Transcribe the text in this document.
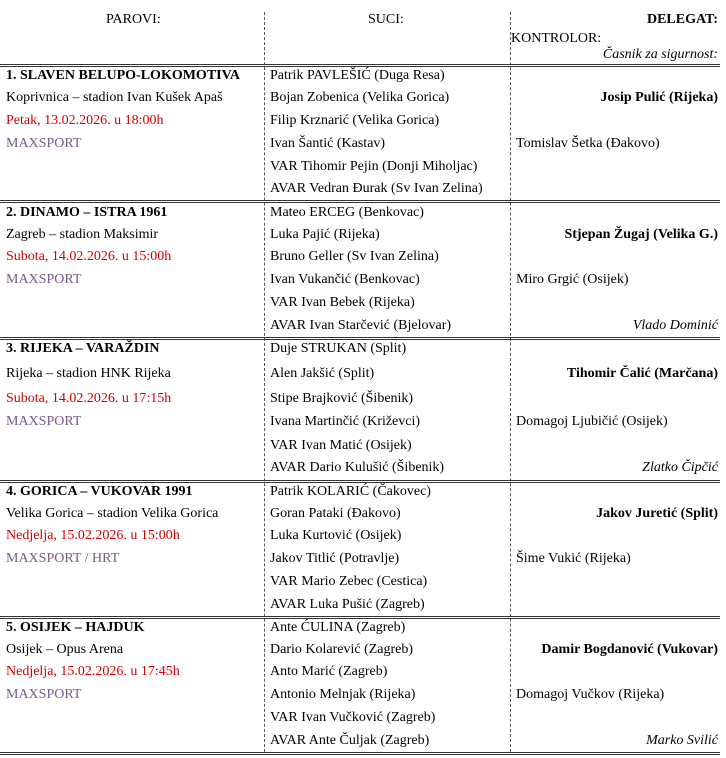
PAROVI:	SUCI:	DELEGAT:
KONTROLOR:
Časnik za sigurnost:
1. SLAVEN BELUPO-LOKOMOTIVA
Koprivnica – stadion Ivan Kušek Apaš
Petak, 13.02.2026. u 18:00h
MAXSPORT
Patrik PAVLEŠIĆ (Duga Resa)
Bojan Zobenica (Velika Gorica)
Filip Krznarić (Velika Gorica)
Ivan Šantić (Kastav)
VAR Tihomir Pejin (Donji Miholjac)
AVAR Vedran Đurak (Sv Ivan Zelina)
Josip Pulić (Rijeka)
Tomislav Šetka (Đakovo)
2. DINAMO – ISTRA 1961
Zagreb – stadion Maksimir
Subota, 14.02.2026. u 15:00h
MAXSPORT
Mateo ERCEG (Benkovac)
Luka Pajić (Rijeka)
Bruno Geller (Sv Ivan Zelina)
Ivan Vukančić (Benkovac)
VAR Ivan Bebek (Rijeka)
AVAR Ivan Starčević (Bjelovar)
Stjepan Žugaj (Velika G.)
Miro Grgić (Osijek)
Vlado Dominić
3. RIJEKA – VARAŽDIN
Rijeka – stadion HNK Rijeka
Subota, 14.02.2026. u 17:15h
MAXSPORT
Duje STRUKAN (Split)
Alen Jakšić (Split)
Stipe Brajković (Šibenik)
Ivana Martinčić (Križevci)
VAR Ivan Matić (Osijek)
AVAR Dario Kulušić (Šibenik)
Tihomir Čalić (Marčana)
Domagoj Ljubičić (Osijek)
Zlatko Čipčić
4. GORICA – VUKOVAR 1991
Velika Gorica – stadion Velika Gorica
Nedjelja, 15.02.2026. u 15:00h
MAXSPORT / HRT
Patrik KOLARIĆ (Čakovec)
Goran Pataki (Đakovo)
Luka Kurtović (Osijek)
Jakov Titlić (Potravlje)
VAR Mario Zebec (Cestica)
AVAR Luka Pušić (Zagreb)
Jakov Juretić (Split)
Šime Vukić (Rijeka)
5. OSIJEK – HAJDUK
Osijek – Opus Arena
Nedjelja, 15.02.2026. u 17:45h
MAXSPORT
Ante ĆULINA (Zagreb)
Dario Kolarević (Zagreb)
Anto Marić (Zagreb)
Antonio Melnjak (Rijeka)
VAR Ivan Vučković (Zagreb)
AVAR Ante Čuljak (Zagreb)
Damir Bogdanović (Vukovar)
Domagoj Vučkov (Rijeka)
Marko Svilić
